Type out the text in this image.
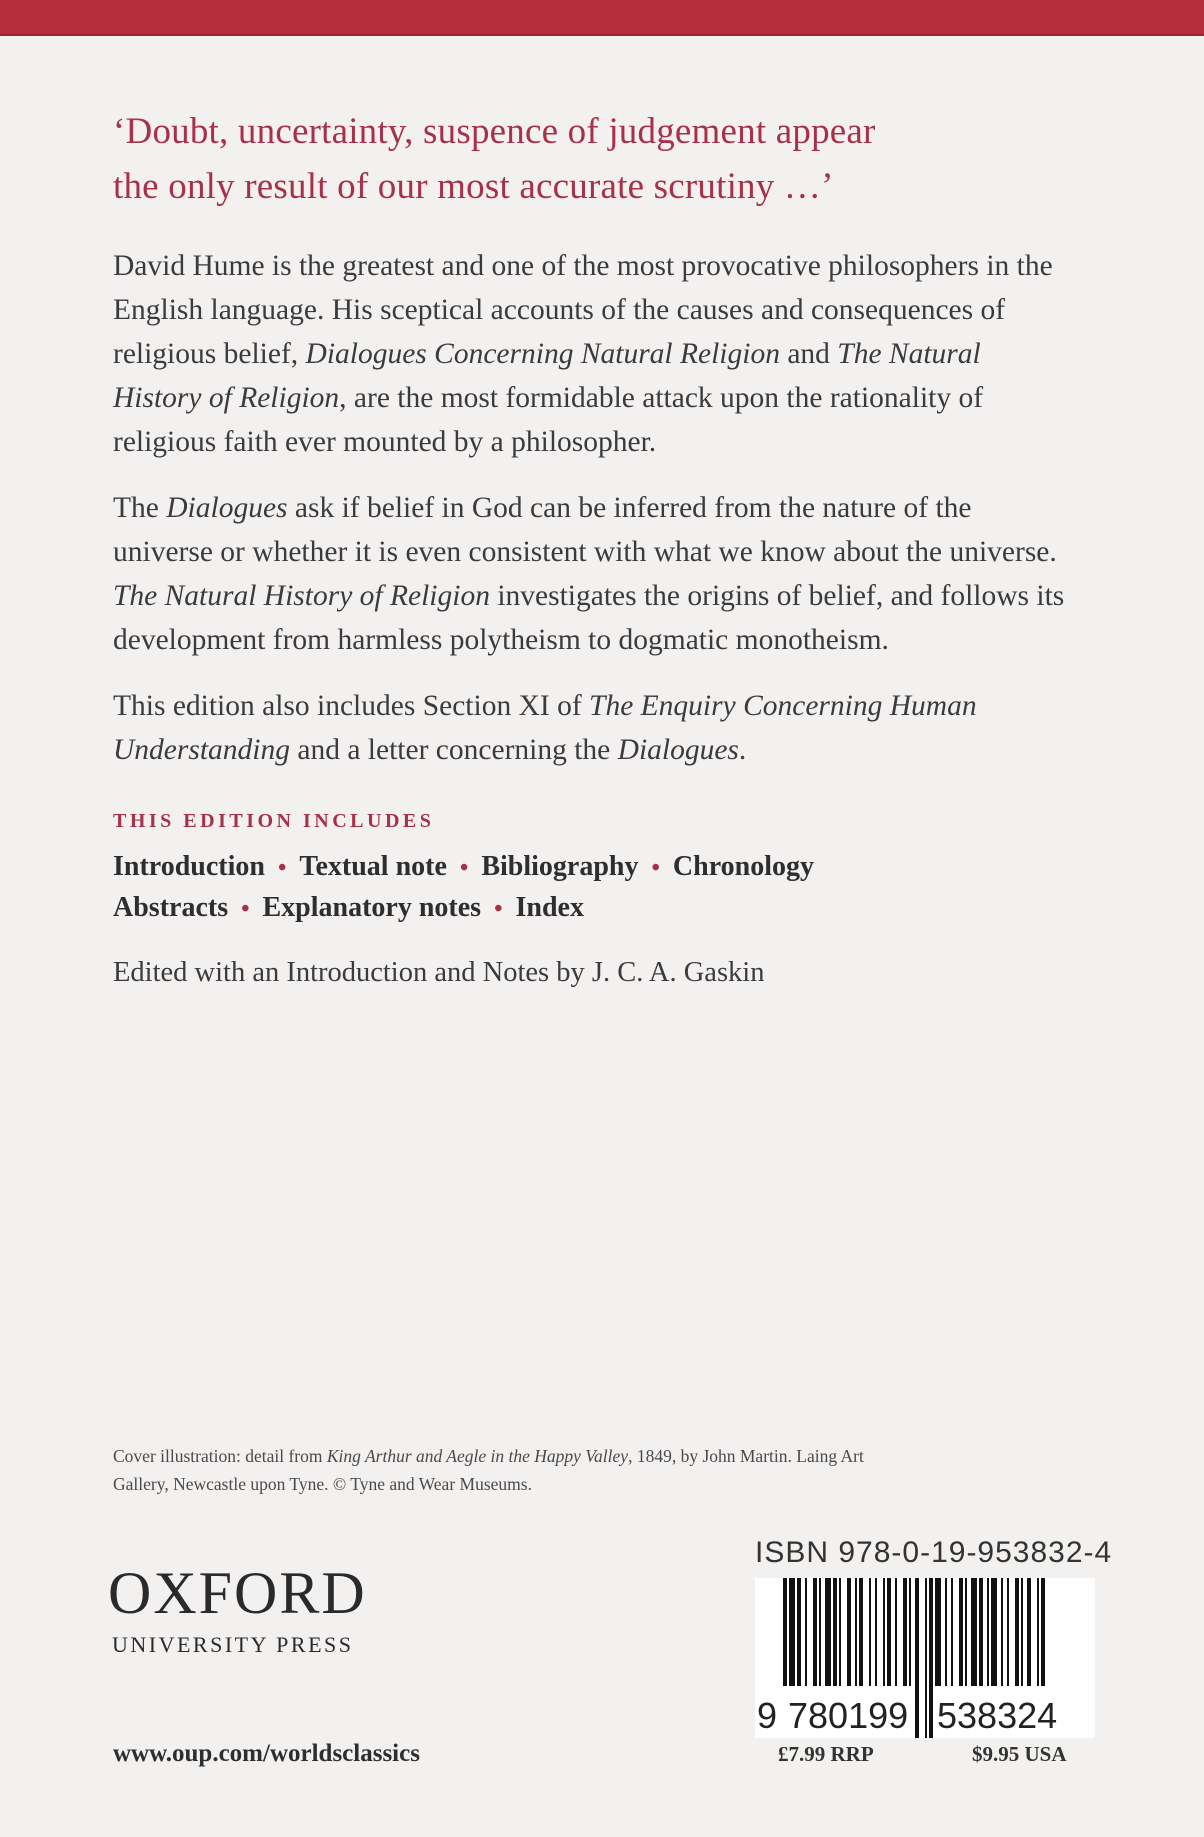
‘Doubt, uncertainty, suspence of judgement appear
the only result of our most accurate scrutiny …’

David Hume is the greatest and one of the most provocative philosophers in the English language. His sceptical accounts of the causes and consequences of religious belief, Dialogues Concerning Natural Religion and The Natural History of Religion, are the most formidable attack upon the rationality of religious faith ever mounted by a philosopher.

The Dialogues ask if belief in God can be inferred from the nature of the universe or whether it is even consistent with what we know about the universe. The Natural History of Religion investigates the origins of belief, and follows its development from harmless polytheism to dogmatic monotheism.

This edition also includes Section XI of The Enquiry Concerning Human Understanding and a letter concerning the Dialogues.

THIS EDITION INCLUDES
Introduction • Textual note • Bibliography • Chronology
Abstracts • Explanatory notes • Index
Edited with an Introduction and Notes by J. C. A. Gaskin
Cover illustration: detail from King Arthur and Aegle in the Happy Valley, 1849, by John Martin. Laing Art Gallery, Newcastle upon Tyne. © Tyne and Wear Museums.
OXFORD
UNIVERSITY PRESS
www.oup.com/worldsclassics
ISBN 978-0-19-953832-4
9 780199 538324
£7.99 RRP	$9.95 USA
